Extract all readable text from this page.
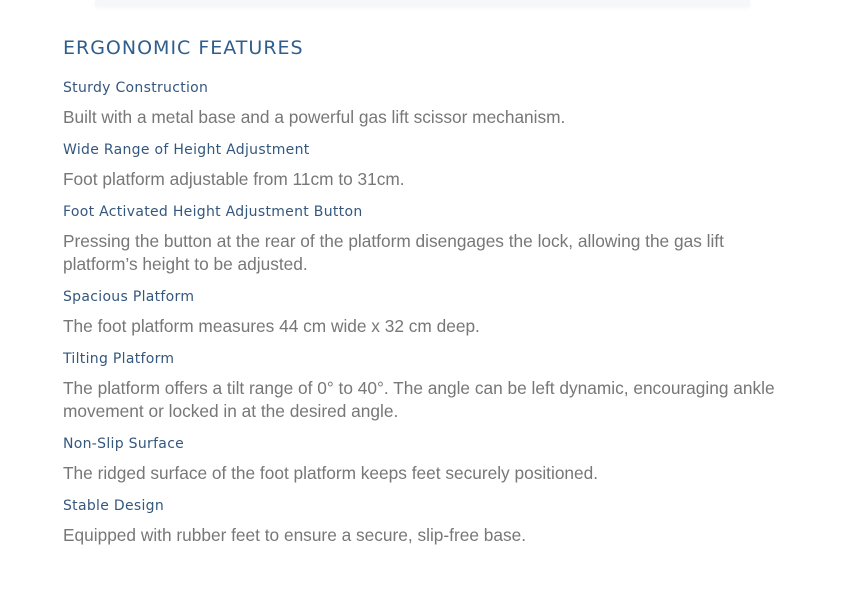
ERGONOMIC FEATURES
Sturdy Construction
Built with a metal base and a powerful gas lift scissor mechanism.
Wide Range of Height Adjustment
Foot platform adjustable from 11cm to 31cm.
Foot Activated Height Adjustment Button
Pressing the button at the rear of the platform disengages the lock, allowing the gas lift platform’s height to be adjusted.
Spacious Platform
The foot platform measures 44 cm wide x 32 cm deep.
Tilting Platform
The platform offers a tilt range of 0° to 40°. The angle can be left dynamic, encouraging ankle movement or locked in at the desired angle.
Non-Slip Surface
The ridged surface of the foot platform keeps feet securely positioned.
Stable Design
Equipped with rubber feet to ensure a secure, slip-free base.
